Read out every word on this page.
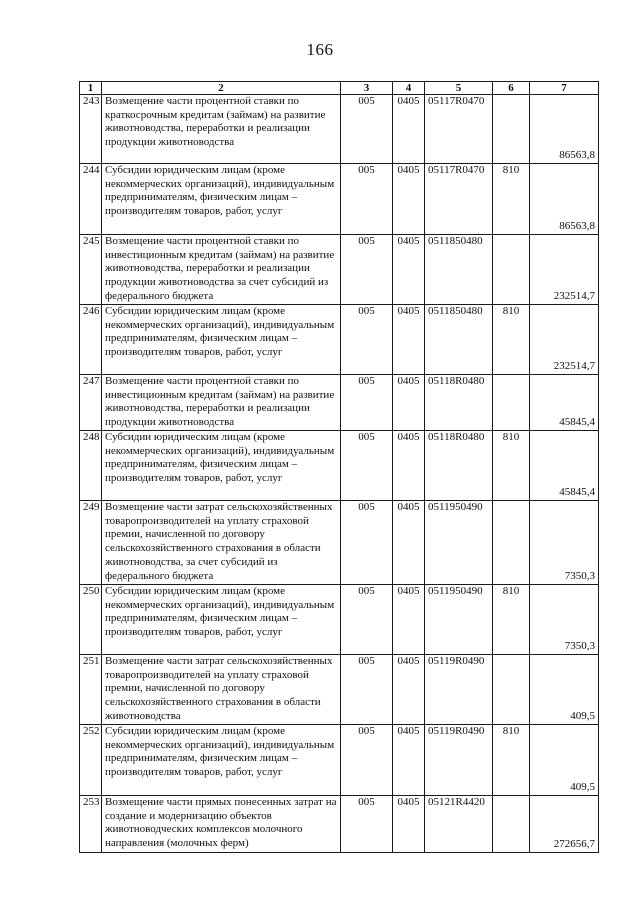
166
1	2	3	4	5	6	7
243	Возмещение части процентной ставки по краткосрочным кредитам (займам) на развитие животноводства, переработки и реализации продукции животноводства	005	0405	05117R0470		86563,8
244	Субсидии юридическим лицам (кроме некоммерческих организаций), индивидуальным предпринимателям, физическим лицам – производителям товаров, работ, услуг	005	0405	05117R0470	810	86563,8
245	Возмещение части процентной ставки по инвестиционным кредитам (займам) на развитие животноводства, переработки и реализации продукции животноводства за счет субсидий из федерального бюджета	005	0405	0511850480		232514,7
246	Субсидии юридическим лицам (кроме некоммерческих организаций), индивидуальным предпринимателям, физическим лицам – производителям товаров, работ, услуг	005	0405	0511850480	810	232514,7
247	Возмещение части процентной ставки по инвестиционным кредитам (займам) на развитие животноводства, переработки и реализации продукции животноводства	005	0405	05118R0480		45845,4
248	Субсидии юридическим лицам (кроме некоммерческих организаций), индивидуальным предпринимателям, физическим лицам – производителям товаров, работ, услуг	005	0405	05118R0480	810	45845,4
249	Возмещение части затрат сельскохозяйственных товаропроизводителей на уплату страховой премии, начисленной по договору сельскохозяйственного страхования в области животноводства, за счет субсидий из федерального бюджета	005	0405	0511950490		7350,3
250	Субсидии юридическим лицам (кроме некоммерческих организаций), индивидуальным предпринимателям, физическим лицам – производителям товаров, работ, услуг	005	0405	0511950490	810	7350,3
251	Возмещение части затрат сельскохозяйственных товаропроизводителей на уплату страховой премии, начисленной по договору сельскохозяйственного страхования в области животноводства	005	0405	05119R0490		409,5
252	Субсидии юридическим лицам (кроме некоммерческих организаций), индивидуальным предпринимателям, физическим лицам – производителям товаров, работ, услуг	005	0405	05119R0490	810	409,5
253	Возмещение части прямых понесенных затрат на создание и модернизацию объектов животноводческих комплексов молочного направления (молочных ферм)	005	0405	05121R4420		272656,7
